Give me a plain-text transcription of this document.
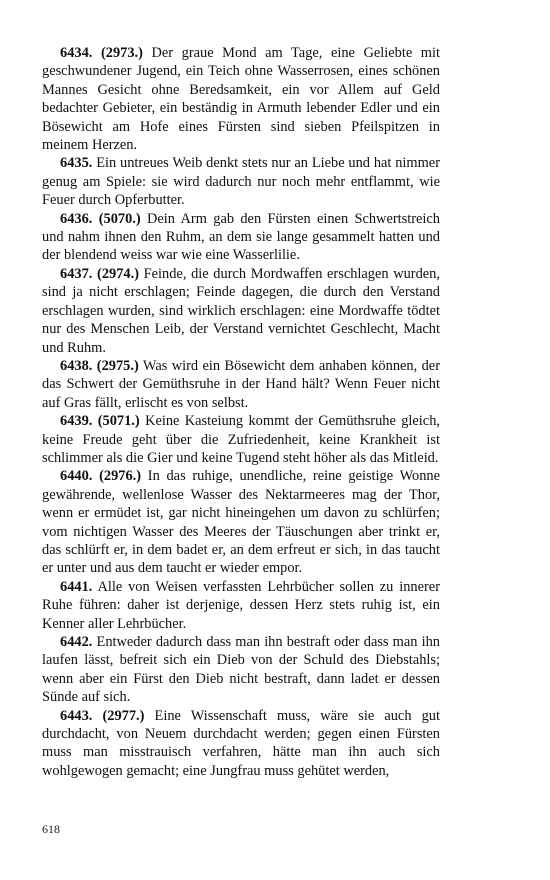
6434. (2973.) Der graue Mond am Tage, eine Geliebte mit geschwundener Jugend, ein Teich ohne Wasserrosen, eines schönen Mannes Gesicht ohne Beredsamkeit, ein vor Allem auf Geld bedachter Gebieter, ein beständig in Armuth lebender Edler und ein Bösewicht am Hofe eines Fürsten sind sieben Pfeilspitzen in meinem Herzen.

6435. Ein untreues Weib denkt stets nur an Liebe und hat nimmer genug am Spiele: sie wird dadurch nur noch mehr entflammt, wie Feuer durch Opferbutter.

6436. (5070.) Dein Arm gab den Fürsten einen Schwertstreich und nahm ihnen den Ruhm, an dem sie lange gesammelt hatten und der blendend weiss war wie eine Wasserlilie.

6437. (2974.) Feinde, die durch Mordwaffen erschlagen wurden, sind ja nicht erschlagen; Feinde dagegen, die durch den Verstand erschlagen wurden, sind wirklich erschlagen: eine Mordwaffe tödtet nur des Menschen Leib, der Verstand vernichtet Geschlecht, Macht und Ruhm.

6438. (2975.) Was wird ein Bösewicht dem anhaben können, der das Schwert der Gemüthsruhe in der Hand hält? Wenn Feuer nicht auf Gras fällt, erlischt es von selbst.

6439. (5071.) Keine Kasteiung kommt der Gemüthsruhe gleich, keine Freude geht über die Zufriedenheit, keine Krankheit ist schlimmer als die Gier und keine Tugend steht höher als das Mitleid.

6440. (2976.) In das ruhige, unendliche, reine geistige Wonne gewährende, wellenlose Wasser des Nektarmeeres mag der Thor, wenn er ermüdet ist, gar nicht hineingehen um davon zu schlürfen; vom nichtigen Wasser des Meeres der Täuschungen aber trinkt er, das schlürft er, in dem badet er, an dem erfreut er sich, in das taucht er unter und aus dem taucht er wieder empor.

6441. Alle von Weisen verfassten Lehrbücher sollen zu innerer Ruhe führen: daher ist derjenige, dessen Herz stets ruhig ist, ein Kenner aller Lehrbücher.

6442. Entweder dadurch dass man ihn bestraft oder dass man ihn laufen lässt, befreit sich ein Dieb von der Schuld des Diebstahls; wenn aber ein Fürst den Dieb nicht bestraft, dann ladet er dessen Sünde auf sich.

6443. (2977.) Eine Wissenschaft muss, wäre sie auch gut durchdacht, von Neuem durchdacht werden; gegen einen Fürsten muss man misstrauisch verfahren, hätte man ihn auch sich wohlgewogen gemacht; eine Jungfrau muss gehütet werden,

618
